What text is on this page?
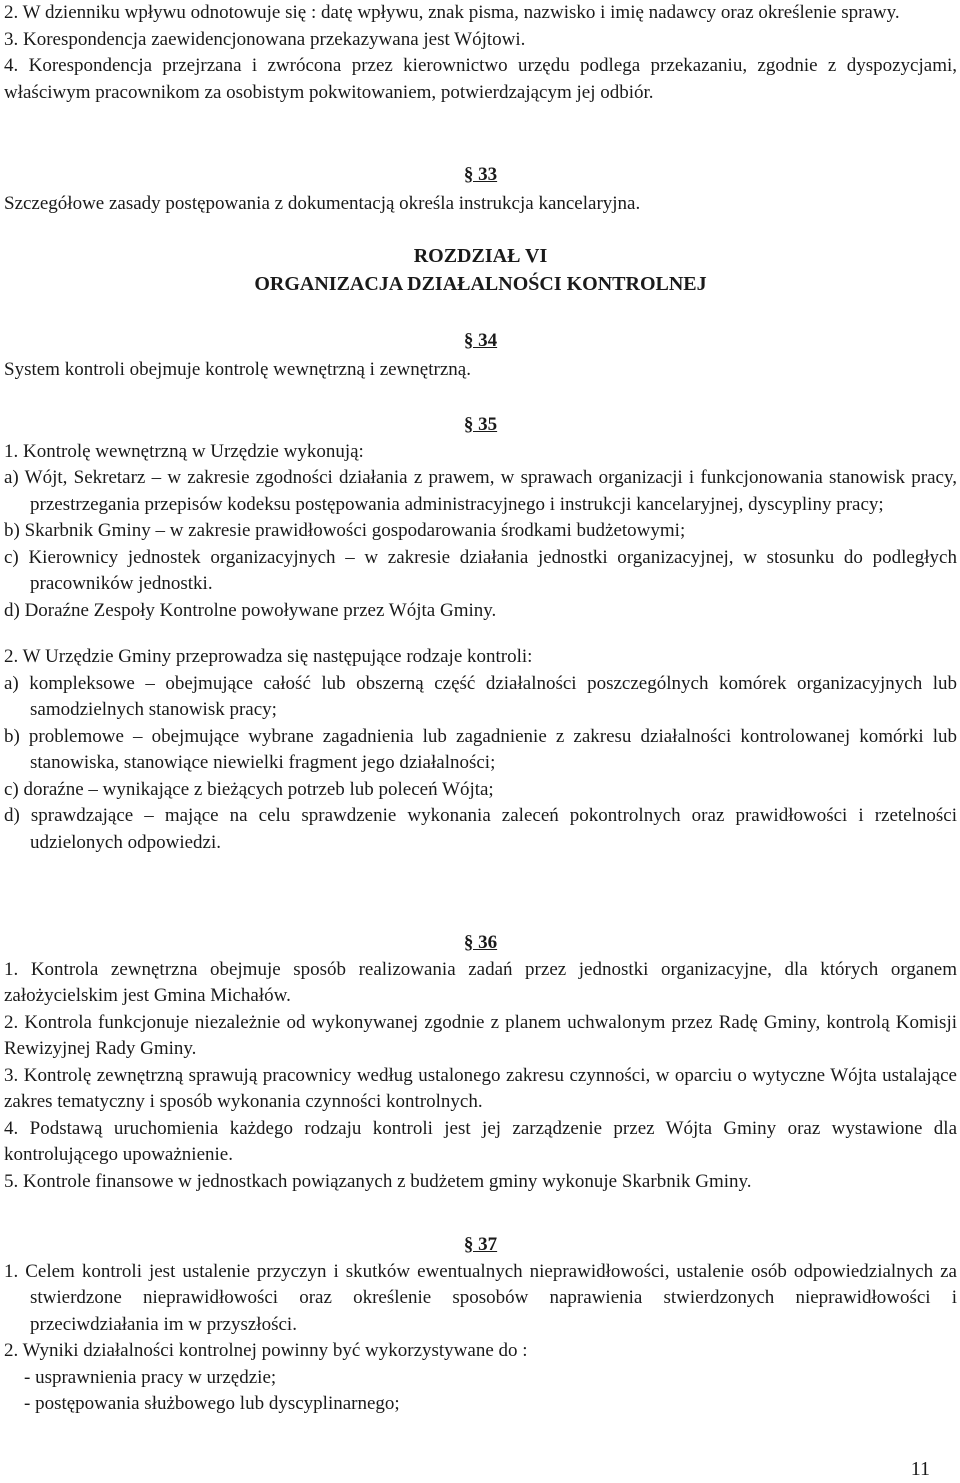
2. W dzienniku wpływu odnotowuje się : datę wpływu, znak pisma, nazwisko i imię nadawcy oraz określenie sprawy.

3. Korespondencja zaewidencjonowana przekazywana jest Wójtowi.

4. Korespondencja przejrzana i zwrócona przez kierownictwo urzędu podlega przekazaniu, zgodnie z dyspozycjami, właściwym pracownikom za osobistym pokwitowaniem, potwierdzającym jej odbiór.

§ 33

Szczegółowe zasady postępowania z dokumentacją określa instrukcja kancelaryjna.

ROZDZIAŁ VI

ORGANIZACJA DZIAŁALNOŚCI KONTROLNEJ

§ 34

System kontroli obejmuje kontrolę wewnętrzną i zewnętrzną.

§ 35

1. Kontrolę wewnętrzną w Urzędzie wykonują:

a) Wójt, Sekretarz – w zakresie zgodności działania z prawem, w sprawach organizacji i funkcjonowania stanowisk pracy, przestrzegania przepisów kodeksu postępowania administracyjnego i instrukcji kancelaryjnej, dyscypliny pracy;

b) Skarbnik Gminy – w zakresie prawidłowości gospodarowania środkami budżetowymi;

c) Kierownicy jednostek organizacyjnych – w zakresie działania jednostki organizacyjnej, w stosunku do podległych pracowników jednostki.

d) Doraźne Zespoły Kontrolne powoływane przez Wójta Gminy.

2. W Urzędzie Gminy przeprowadza się następujące rodzaje kontroli:

a) kompleksowe – obejmujące całość lub obszerną część działalności poszczególnych komórek organizacyjnych lub samodzielnych stanowisk pracy;

b) problemowe – obejmujące wybrane zagadnienia lub zagadnienie z zakresu działalności kontrolowanej komórki lub stanowiska, stanowiące niewielki fragment jego działalności;

c) doraźne – wynikające z bieżących potrzeb lub poleceń Wójta;

d) sprawdzające – mające na celu sprawdzenie wykonania zaleceń pokontrolnych oraz prawidłowości i rzetelności udzielonych odpowiedzi.

§ 36

1. Kontrola zewnętrzna obejmuje sposób realizowania zadań przez jednostki organizacyjne, dla których organem założycielskim jest Gmina Michałów.

2. Kontrola funkcjonuje niezależnie od wykonywanej zgodnie z planem uchwalonym przez Radę Gminy, kontrolą Komisji Rewizyjnej Rady Gminy.

3. Kontrolę zewnętrzną sprawują pracownicy według ustalonego zakresu czynności, w oparciu o wytyczne Wójta ustalające zakres tematyczny i sposób wykonania czynności kontrolnych.

4. Podstawą uruchomienia każdego rodzaju kontroli jest jej zarządzenie przez Wójta Gminy oraz wystawione dla kontrolującego upoważnienie.

5. Kontrole finansowe w jednostkach powiązanych z budżetem gminy wykonuje Skarbnik Gminy.

§ 37

1. Celem kontroli jest ustalenie przyczyn i skutków ewentualnych nieprawidłowości, ustalenie osób odpowiedzialnych za stwierdzone nieprawidłowości oraz określenie sposobów naprawienia stwierdzonych nieprawidłowości i przeciwdziałania im w przyszłości.

2. Wyniki działalności kontrolnej powinny być wykorzystywane do :

- usprawnienia pracy w urzędzie;

- postępowania służbowego lub dyscyplinarnego;

11
